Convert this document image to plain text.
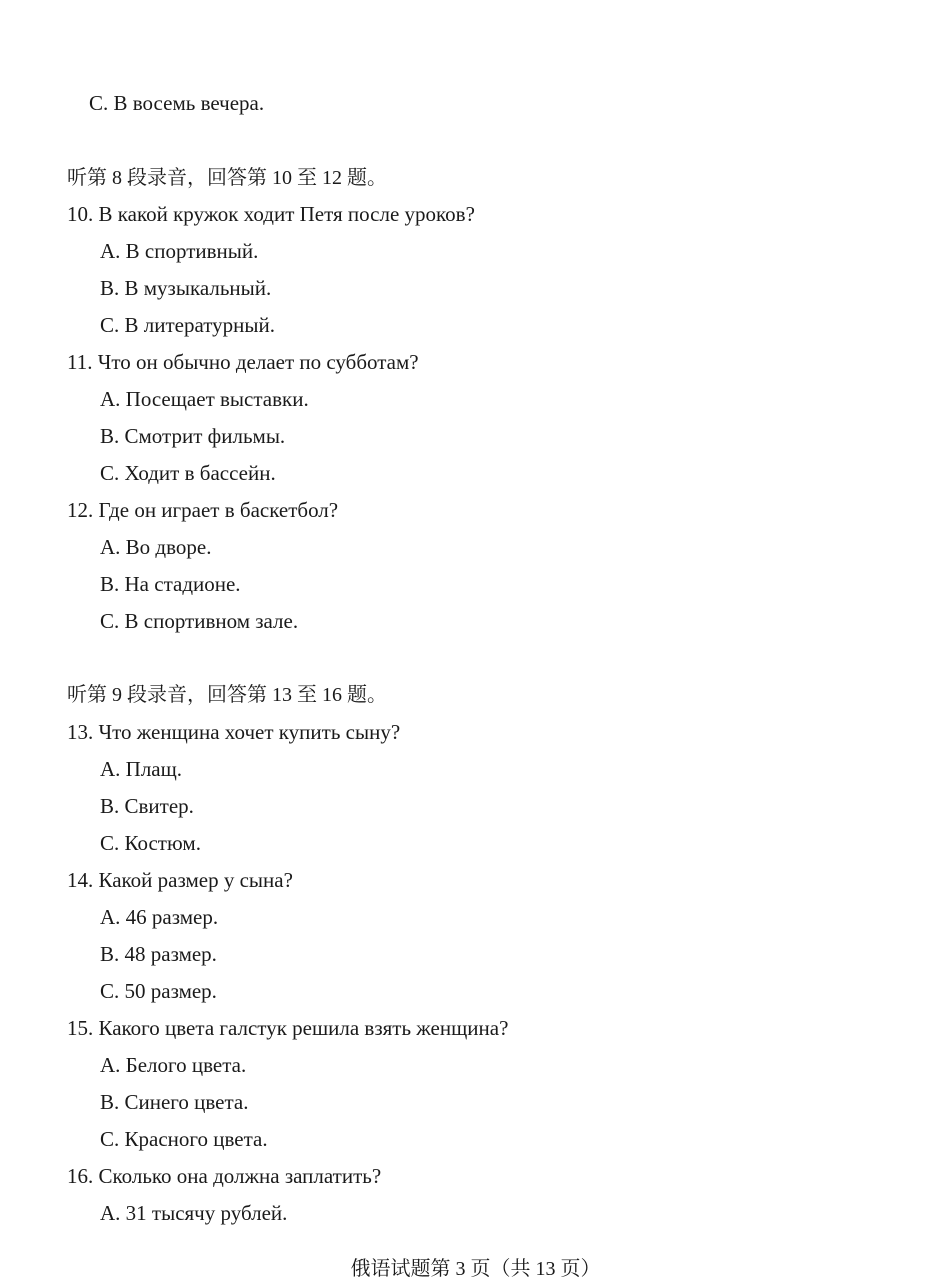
C. В восемь вечера.
听第 8 段录音，回答第 10 至 12 题。
10. В какой кружок ходит Петя после уроков?
A. В спортивный.
B. В музыкальный.
C. В литературный.
11. Что он обычно делает по субботам?
A. Посещает выставки.
B. Смотрит фильмы.
C. Ходит в бассейн.
12. Где он играет в баскетбол?
A. Во дворе.
B. На стадионе.
C. В спортивном зале.
听第 9 段录音，回答第 13 至 16 题。
13. Что женщина хочет купить сыну?
A. Плащ.
B. Свитер.
C. Костюм.
14. Какой размер у сына?
A. 46 размер.
B. 48 размер.
C. 50 размер.
15. Какого цвета галстук решила взять женщина?
A. Белого цвета.
B. Синего цвета.
C. Красного цвета.
16. Сколько она должна заплатить?
A. 31 тысячу рублей.
俄语试题第 3 页（共 13 页）
